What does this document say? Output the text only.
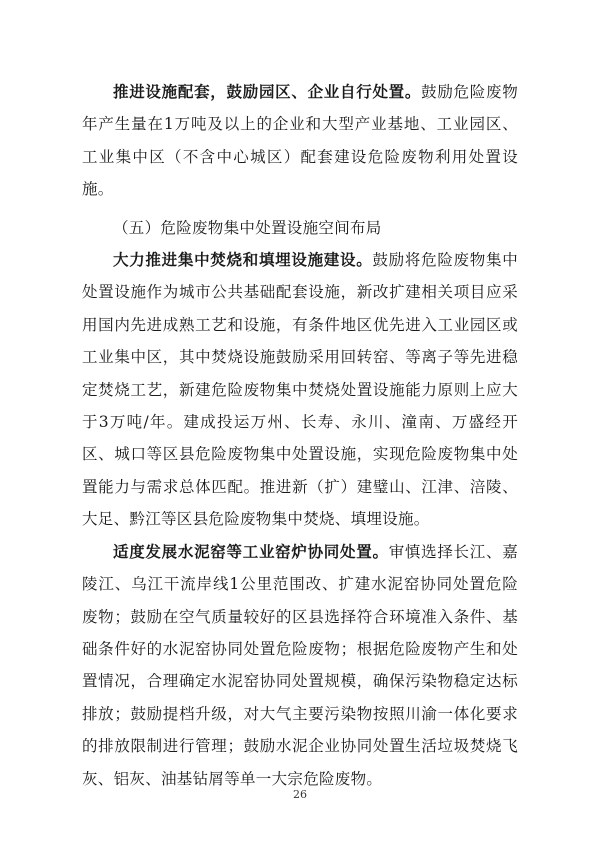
推进设施配套，鼓励园区、企业自行处置。鼓励危险废物年产生量在1万吨及以上的企业和大型产业基地、工业园区、工业集中区（不含中心城区）配套建设危险废物利用处置设施。

（五）危险废物集中处置设施空间布局

大力推进集中焚烧和填埋设施建设。鼓励将危险废物集中处置设施作为城市公共基础配套设施，新改扩建相关项目应采用国内先进成熟工艺和设施，有条件地区优先进入工业园区或工业集中区，其中焚烧设施鼓励采用回转窑、等离子等先进稳定焚烧工艺，新建危险废物集中焚烧处置设施能力原则上应大于3万吨/年。建成投运万州、长寿、永川、潼南、万盛经开区、城口等区县危险废物集中处置设施，实现危险废物集中处置能力与需求总体匹配。推进新（扩）建璧山、江津、涪陵、大足、黔江等区县危险废物集中焚烧、填埋设施。

适度发展水泥窑等工业窑炉协同处置。审慎选择长江、嘉陵江、乌江干流岸线1公里范围改、扩建水泥窑协同处置危险废物；鼓励在空气质量较好的区县选择符合环境准入条件、基础条件好的水泥窑协同处置危险废物；根据危险废物产生和处置情况，合理确定水泥窑协同处置规模，确保污染物稳定达标排放；鼓励提档升级，对大气主要污染物按照川渝一体化要求的排放限制进行管理；鼓励水泥企业协同处置生活垃圾焚烧飞灰、铝灰、油基钻屑等单一大宗危险废物。

26
